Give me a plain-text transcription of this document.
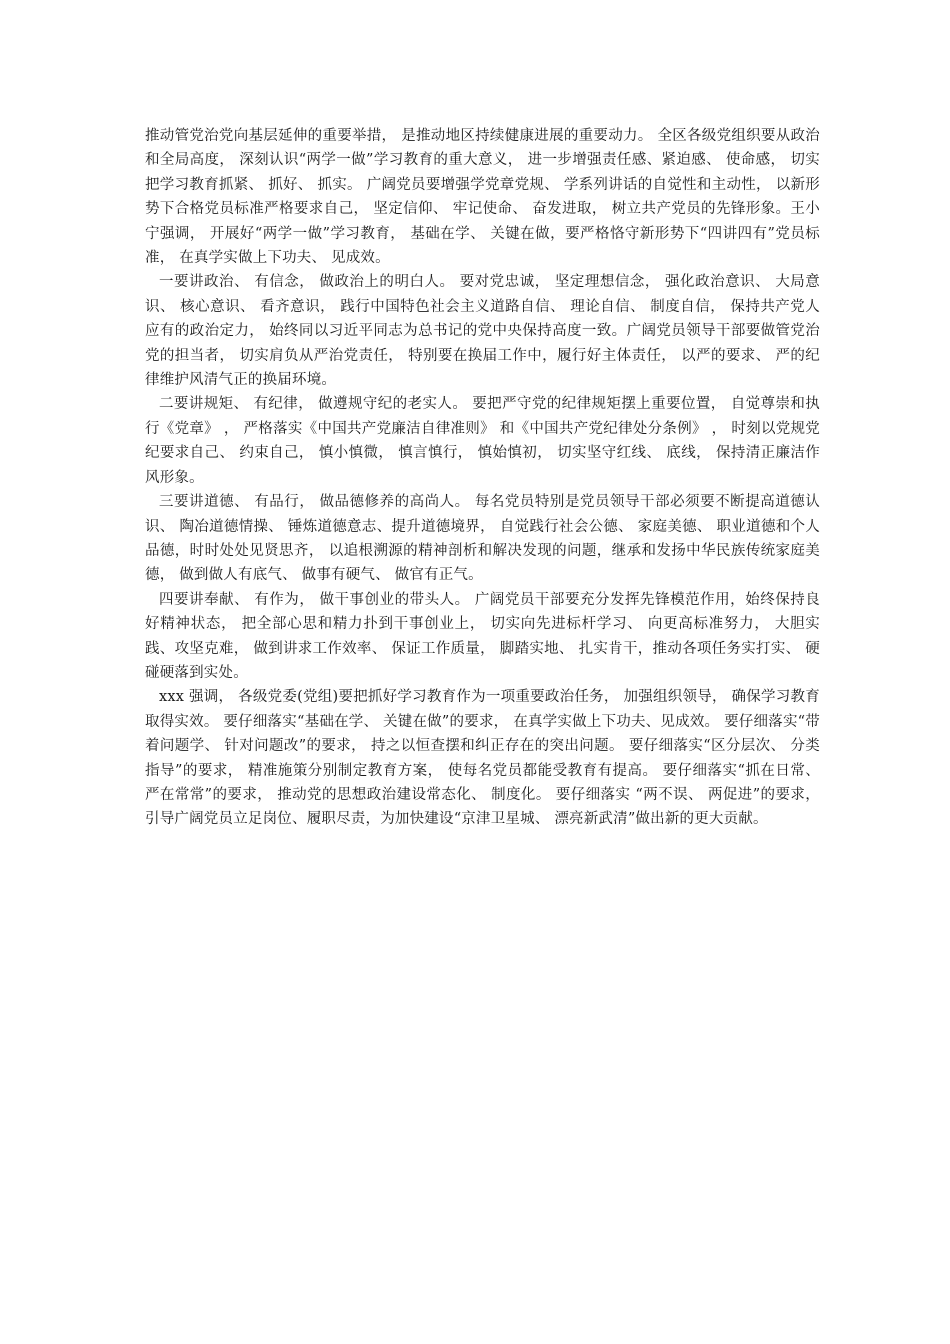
推动管党治党向基层延伸的重要举措， 是推动地区持续健康进展的重要动力。 全区各级党组织要从政治和全局高度， 深刻认识“两学一做”学习教育的重大意义， 进一步增强责任感、紧迫感、 使命感， 切实把学习教育抓紧、 抓好、 抓实。 广阔党员要增强学党章党规、 学系列讲话的自觉性和主动性， 以新形势下合格党员标准严格要求自己， 坚定信仰、 牢记使命、 奋发进取， 树立共产党员的先锋形象。王小宁强调， 开展好“两学一做”学习教育， 基础在学、 关键在做，要严格恪守新形势下“四讲四有”党员标准， 在真学实做上下功夫、 见成效。

一要讲政治、 有信念， 做政治上的明白人。 要对党忠诚， 坚定理想信念， 强化政治意识、 大局意识、 核心意识、 看齐意识， 践行中国特色社会主义道路自信、 理论自信、 制度自信， 保持共产党人应有的政治定力， 始终同以习近平同志为总书记的党中央保持高度一致。广阔党员领导干部要做管党治党的担当者， 切实肩负从严治党责任， 特别要在换届工作中，履行好主体责任， 以严的要求、 严的纪律维护风清气正的换届环境。

二要讲规矩、 有纪律， 做遵规守纪的老实人。 要把严守党的纪律规矩摆上重要位置， 自觉尊崇和执行《党章》 ， 严格落实《中国共产党廉洁自律准则》 和《中国共产党纪律处分条例》 ， 时刻以党规党纪要求自己、 约束自己， 慎小慎微， 慎言慎行， 慎始慎初， 切实坚守红线、 底线， 保持清正廉洁作风形象。

三要讲道德、 有品行， 做品德修养的高尚人。 每名党员特别是党员领导干部必须要不断提高道德认识、 陶冶道德情操、 锤炼道德意志、提升道德境界， 自觉践行社会公德、 家庭美德、 职业道德和个人品德，时时处处见贤思齐， 以追根溯源的精神剖析和解决发现的问题，继承和发扬中华民族传统家庭美德， 做到做人有底气、 做事有硬气、 做官有正气。

四要讲奉献、 有作为， 做干事创业的带头人。 广阔党员干部要充分发挥先锋模范作用，始终保持良好精神状态， 把全部心思和精力扑到干事创业上， 切实向先进标杆学习、 向更高标准努力， 大胆实践、攻坚克难， 做到讲求工作效率、 保证工作质量， 脚踏实地、 扎实肯干，推动各项任务实打实、 硬碰硬落到实处。

xxx 强调， 各级党委(党组)要把抓好学习教育作为一项重要政治任务， 加强组织领导， 确保学习教育取得实效。 要仔细落实“基础在学、 关键在做”的要求， 在真学实做上下功夫、见成效。 要仔细落实“带着问题学、 针对问题改”的要求， 持之以恒查摆和纠正存在的突出问题。 要仔细落实“区分层次、 分类指导”的要求， 精准施策分别制定教育方案， 使每名党员都能受教育有提高。 要仔细落实“抓在日常、严在常常”的要求， 推动党的思想政治建设常态化、 制度化。 要仔细落实 “两不误、 两促进”的要求， 引导广阔党员立足岗位、履职尽责，为加快建设“京津卫星城、 漂亮新武清”做出新的更大贡献。
